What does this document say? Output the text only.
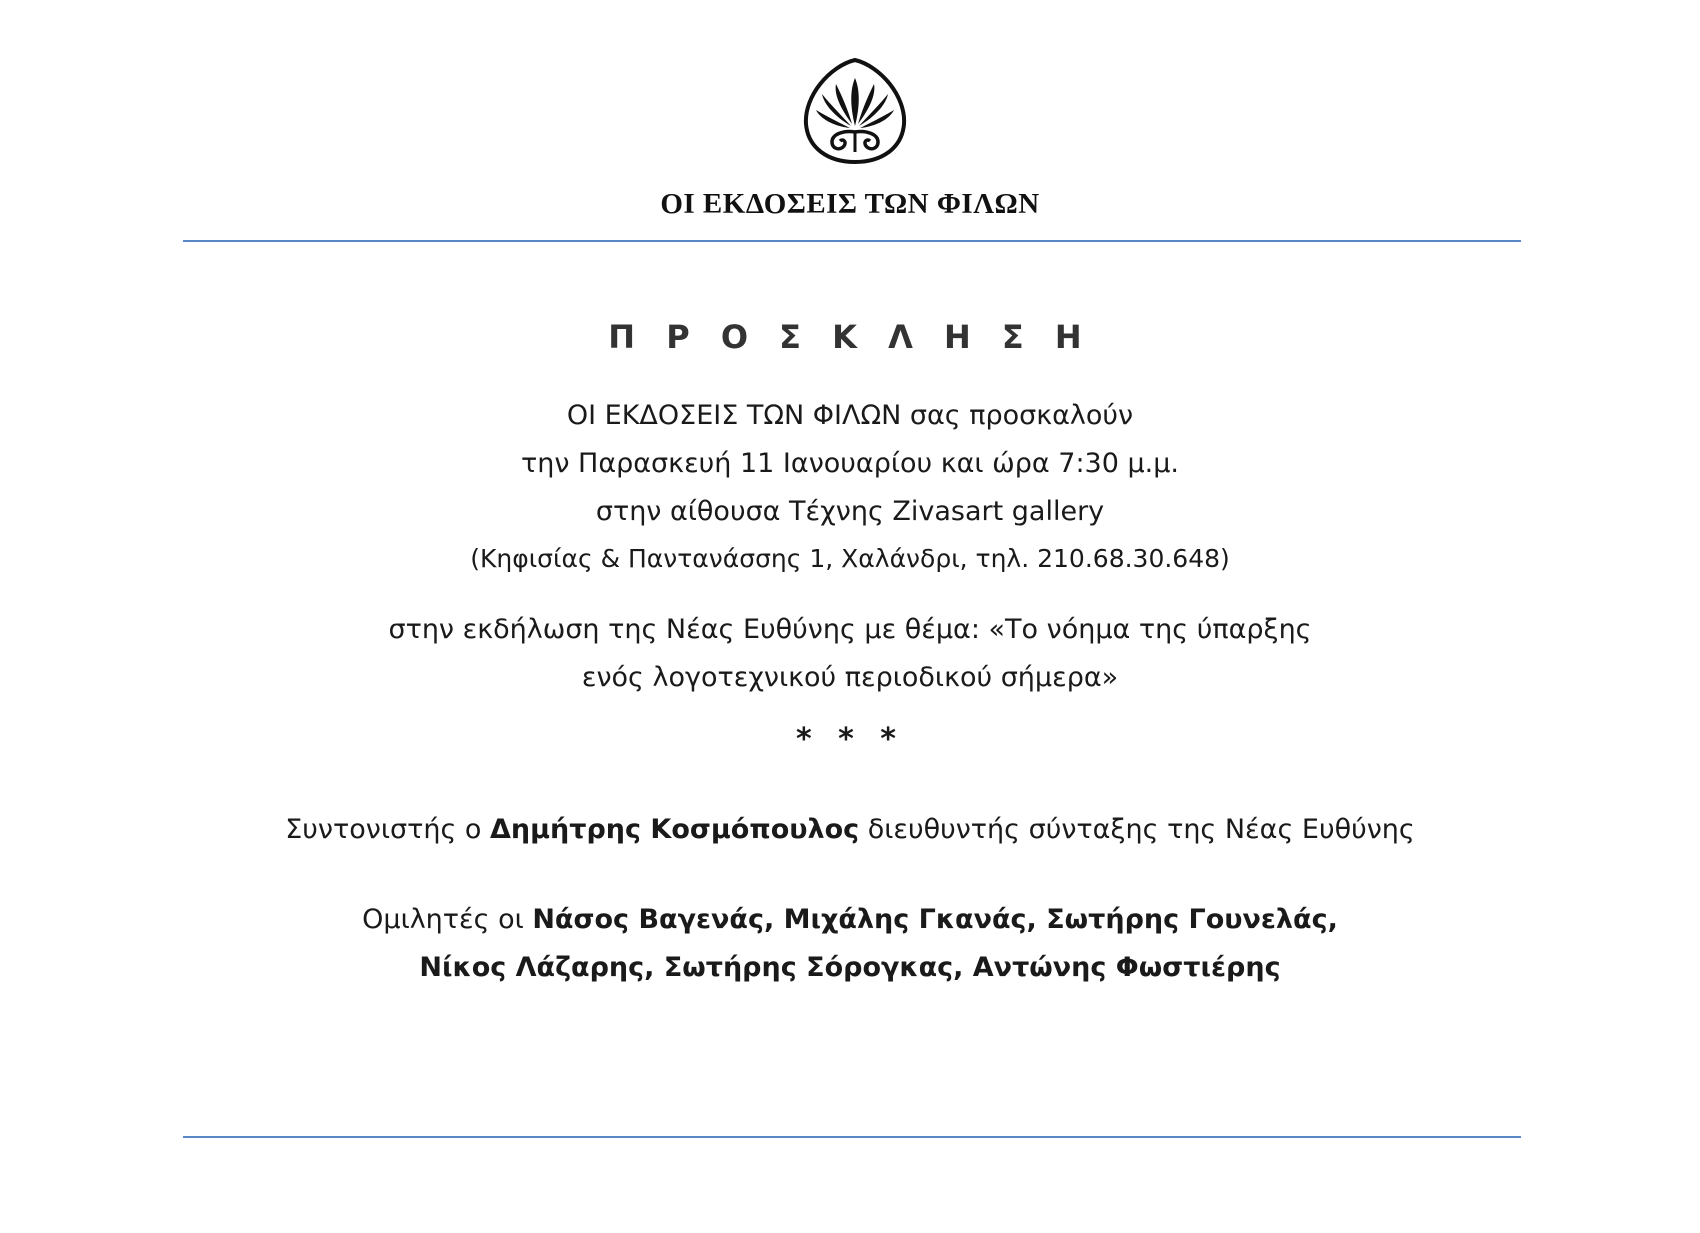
ΟΙ ΕΚΔΟΣΕΙΣ ΤΩΝ ΦΙΛΩΝ
Π Ρ Ο Σ Κ Λ Η Σ Η
ΟΙ ΕΚΔΟΣΕΙΣ ΤΩΝ ΦΙΛΩΝ σας προσκαλούν
την Παρασκευή 11 Ιανουαρίου και ώρα 7:30 μ.μ.
στην αίθουσα Τέχνης Zivasart gallery
(Κηφισίας & Παντανάσσης 1, Χαλάνδρι, τηλ. 210.68.30.648)
στην εκδήλωση της Νέας Ευθύνης με θέμα: «Το νόημα της ύπαρξης
ενός λογοτεχνικού περιοδικού σήμερα»
* * *
Συντονιστής ο Δημήτρης Κοσμόπουλος διευθυντής σύνταξης της Νέας Ευθύνης
Ομιλητές οι Νάσος Βαγενάς, Μιχάλης Γκανάς, Σωτήρης Γουνελάς,
Νίκος Λάζαρης, Σωτήρης Σόρογκας, Αντώνης Φωστιέρης
